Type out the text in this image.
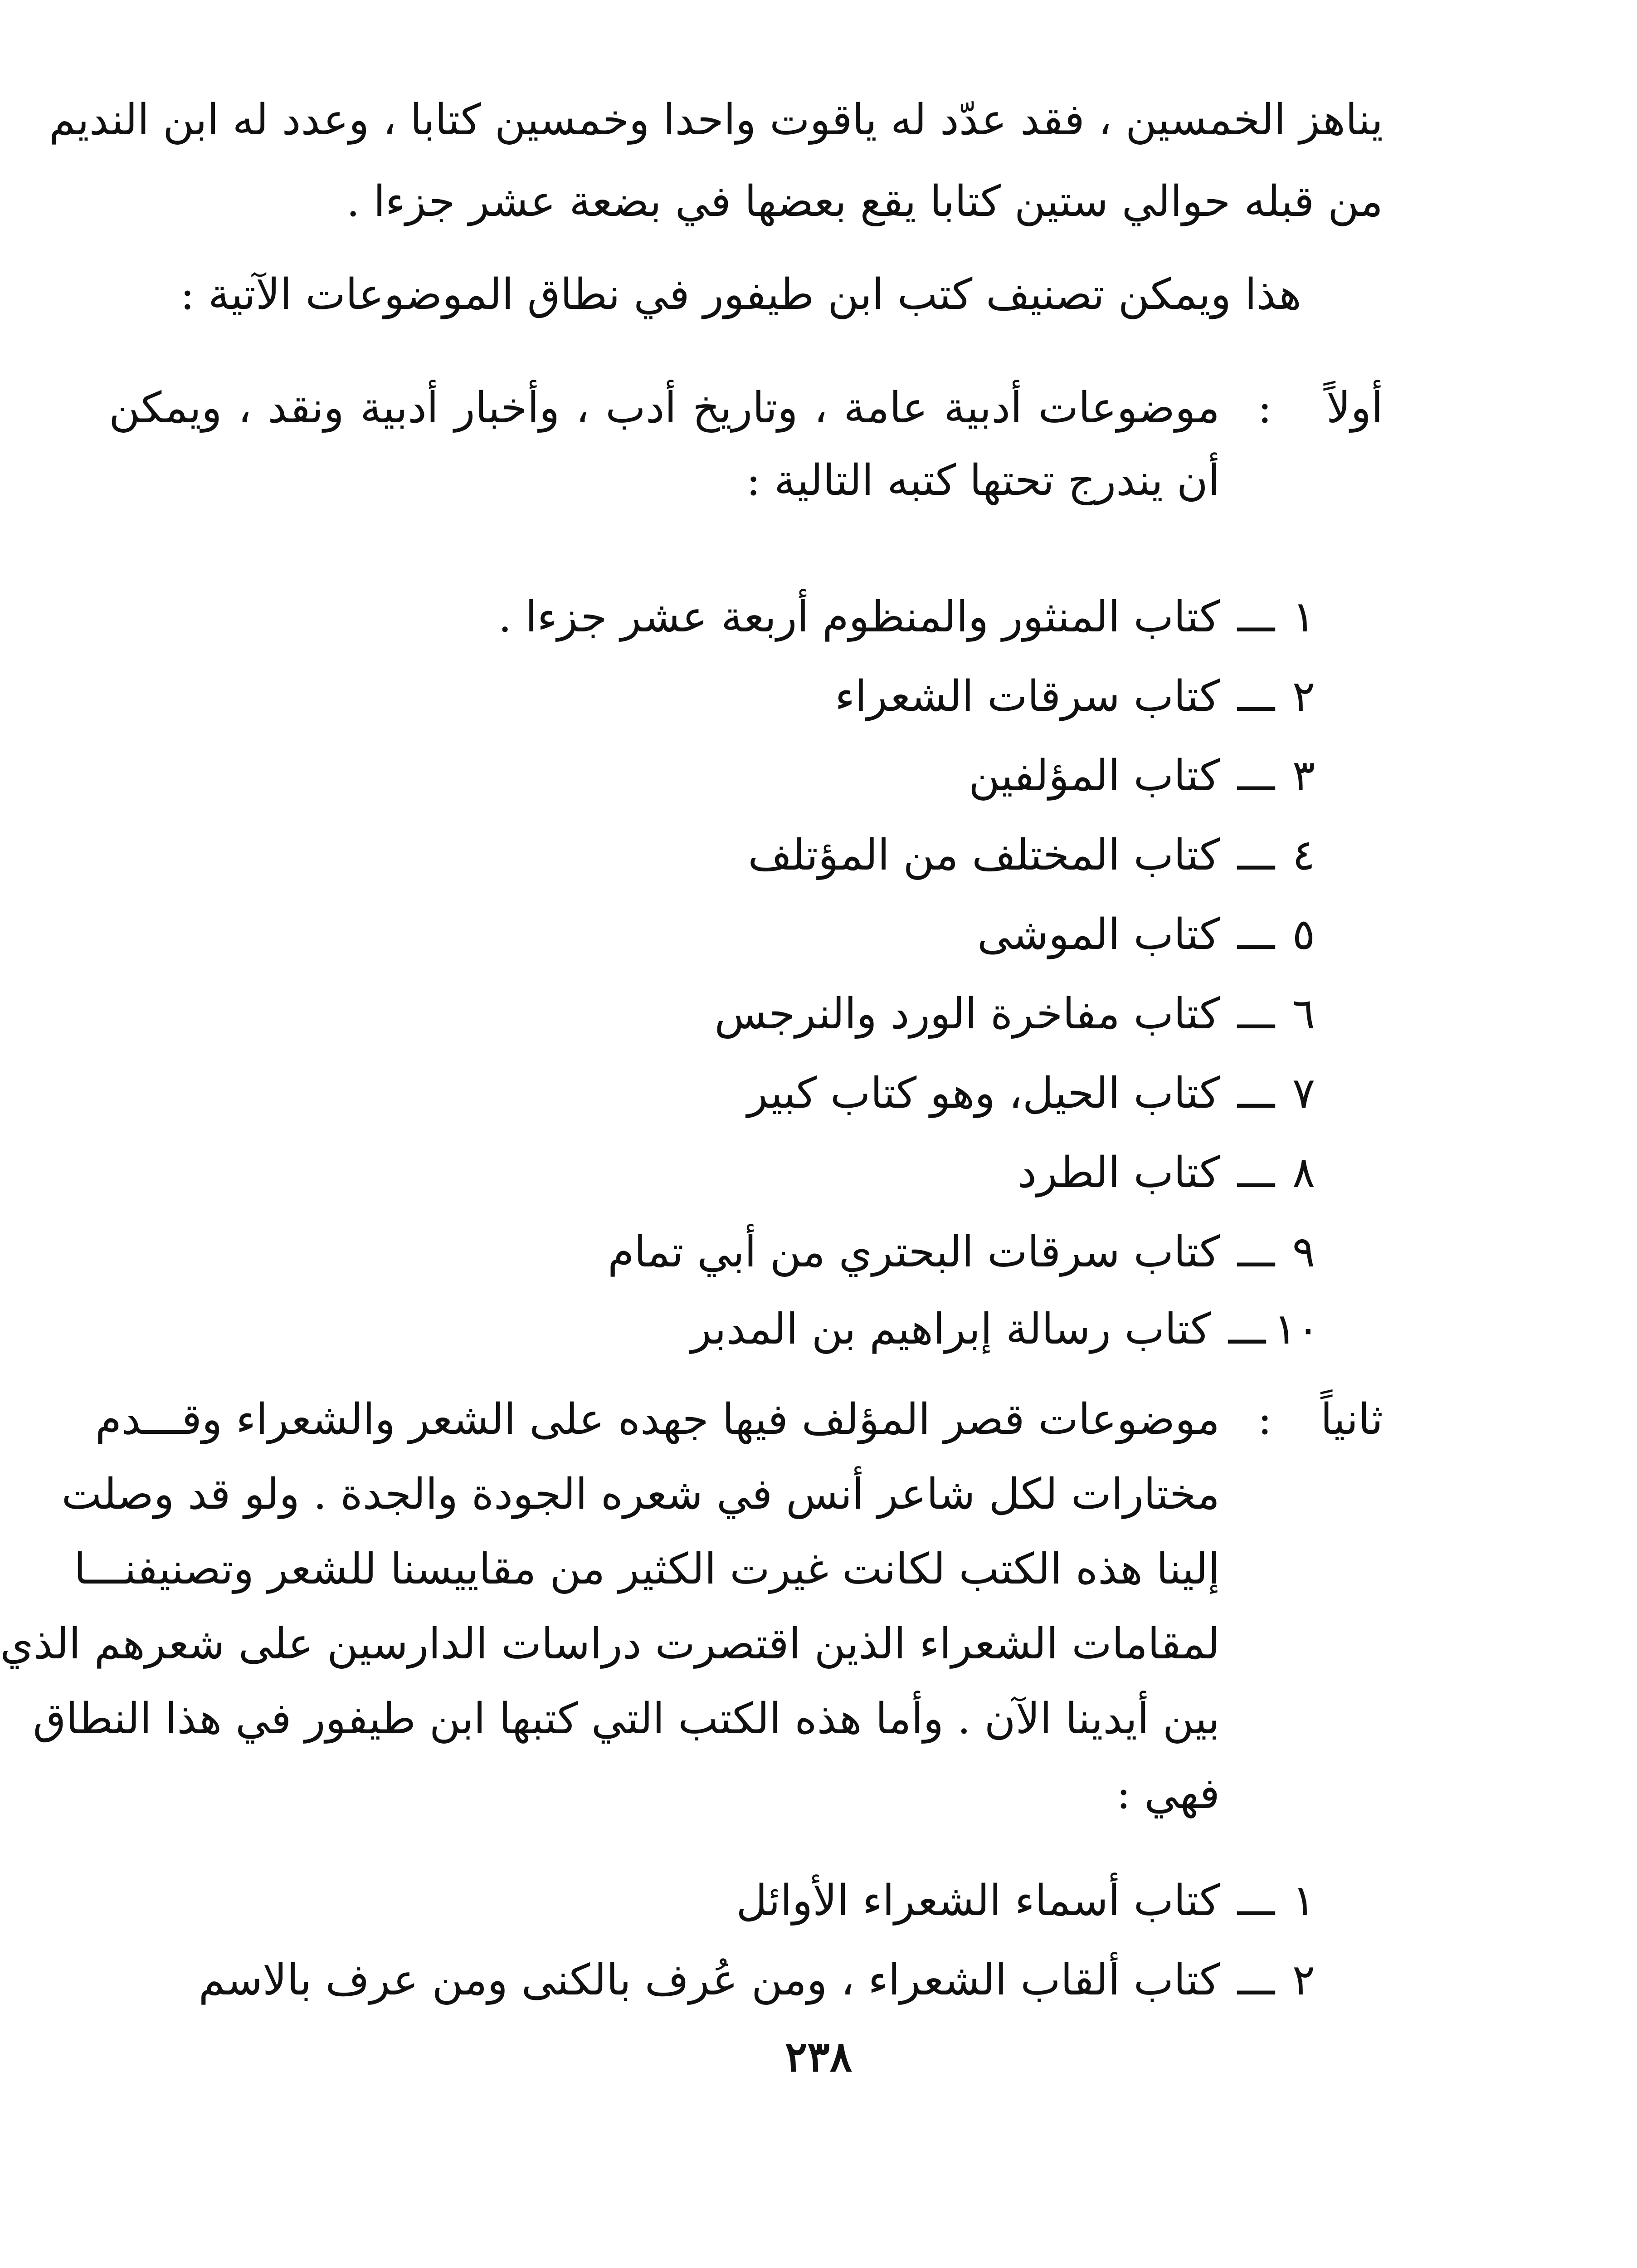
يناهز الخمسين ، فقد عدّد له ياقوت واحدا وخمسين كتابا ، وعدد له ابن النديم
من قبله حوالي ستين كتابا يقع بعضها في بضعة عشر جزءا .
هذا ويمكن تصنيف كتب ابن طيفور في نطاق الموضوعات الآتية :
أولاً
:
موضوعات أدبية عامة ، وتاريخ أدب ، وأخبار أدبية ونقد ، ويمكن
أن يندرج تحتها كتبه التالية :
١
ـــ
كتاب المنثور والمنظوم أربعة عشر جزءا .
٢
ـــ
كتاب سرقات الشعراء
٣
ـــ
كتاب المؤلفين
٤
ـــ
كتاب المختلف من المؤتلف
٥
ـــ
كتاب الموشى
٦
ـــ
كتاب مفاخرة الورد والنرجس
٧
ـــ
كتاب الحيل، وهو كتاب كبير
٨
ـــ
كتاب الطرد
٩
ـــ
كتاب سرقات البحتري من أبي تمام
١٠
ـــ
كتاب رسالة إبراهيم بن المدبر
ثانياً
:
موضوعات قصر المؤلف فيها جهده على الشعر والشعراء وقـــدم
مختارات لكل شاعر أنس في شعره الجودة والجدة . ولو قد وصلت
إلينا هذه الكتب لكانت غيرت الكثير من مقاييسنا للشعر وتصنيفنـــا
لمقامات الشعراء الذين اقتصرت دراسات الدارسين على شعرهم الذي
بين أيدينا الآن . وأما هذه الكتب التي كتبها ابن طيفور في هذا النطاق
فهي :
١
ـــ
كتاب أسماء الشعراء الأوائل
٢
ـــ
كتاب ألقاب الشعراء ، ومن عُرف بالكنى ومن عرف بالاسم
٢٣٨
